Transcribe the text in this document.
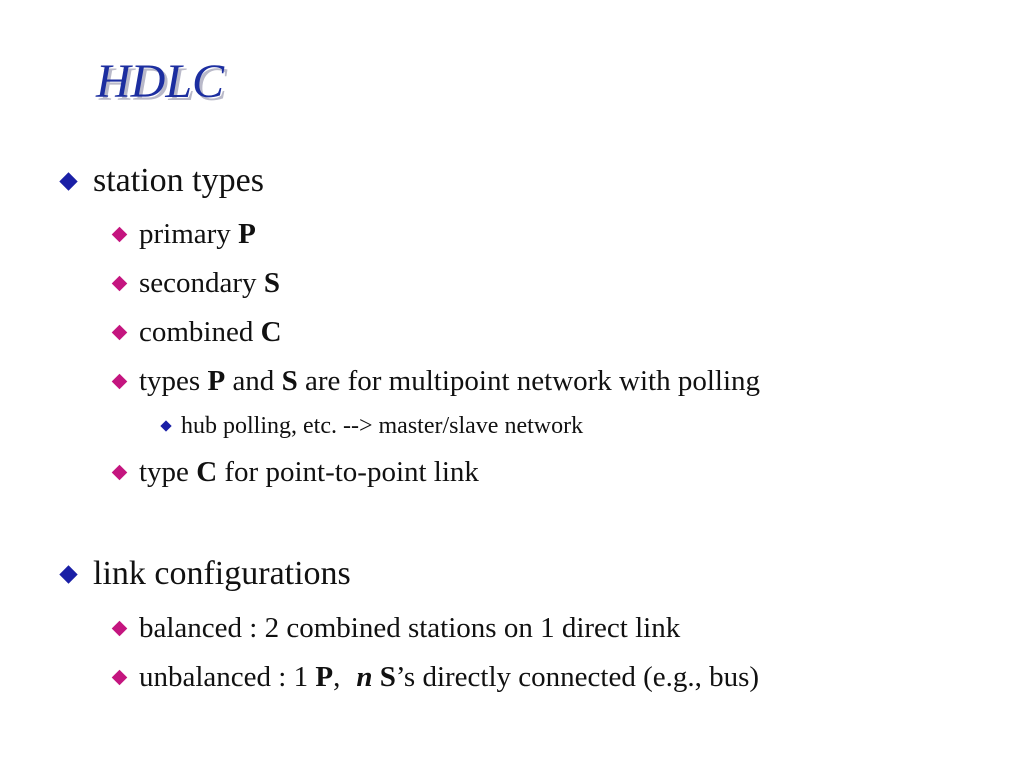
HDLC
station types
primary P
secondary S
combined C
types P and S are for multipoint network with polling
hub polling, etc. --> master/slave network
type C for point-to-point link
link configurations
balanced : 2 combined stations on 1 direct link
unbalanced : 1 P, n S’s directly connected (e.g., bus)
